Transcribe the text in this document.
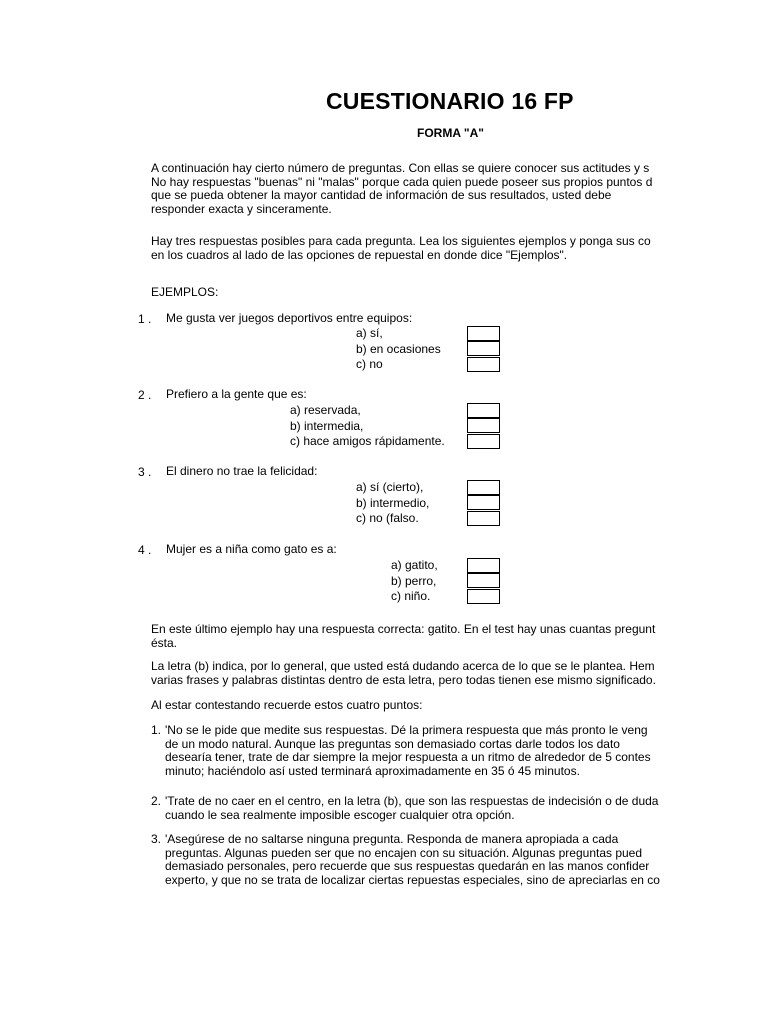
CUESTIONARIO 16 FP
FORMA "A"
A continuación hay cierto número de preguntas. Con ellas se quiere conocer sus actitudes y s
No hay respuestas "buenas" ni "malas" porque cada quien puede poseer sus propios puntos d
que se pueda obtener la mayor cantidad de información de sus resultados, usted debe
responder exacta y sinceramente.
Hay tres respuestas posibles para cada pregunta. Lea los siguientes ejemplos y ponga sus co
en los cuadros al lado de las opciones de repuestal en donde dice "Ejemplos".
EJEMPLOS:
1 . Me gusta ver juegos deportivos entre equipos:
a) sí,
b) en ocasiones
c) no
2 . Prefiero a la gente que es:
a) reservada,
b) intermedia,
c) hace amigos rápidamente.
3 . El dinero no trae la felicidad:
a) sí (cierto),
b) intermedio,
c) no (falso.
4 . Mujer es a niña como gato es a:
a) gatito,
b) perro,
c) niño.
En este último ejemplo hay una respuesta correcta: gatito. En el test hay unas cuantas pregunt
ésta.
La letra (b) indica, por lo general, que usted está dudando acerca de lo que se le plantea. Hem
varias frases y palabras distintas dentro de esta letra, pero todas tienen ese mismo significado.
Al estar contestando recuerde estos cuatro puntos:
1. 'No se le pide que medite sus respuestas. Dé la primera respuesta que más pronto le veng
de un modo natural. Aunque las preguntas son demasiado cortas darle todos los dato
desearía tener, trate de dar siempre la mejor respuesta a un ritmo de alrededor de 5 contes
minuto; haciéndolo así usted terminará aproximadamente en 35 ó 45 minutos.
2. 'Trate de no caer en el centro, en la letra (b), que son las respuestas de indecisión o de duda
cuando le sea realmente imposible escoger cualquier otra opción.
3. 'Asegúrese de no saltarse ninguna pregunta. Responda de manera apropiada a cada
preguntas. Algunas pueden ser que no encajen con su situación. Algunas preguntas pued
demasiado personales, pero recuerde que sus respuestas quedarán en las manos confider
experto, y que no se trata de localizar ciertas repuestas especiales, sino de apreciarlas en co
